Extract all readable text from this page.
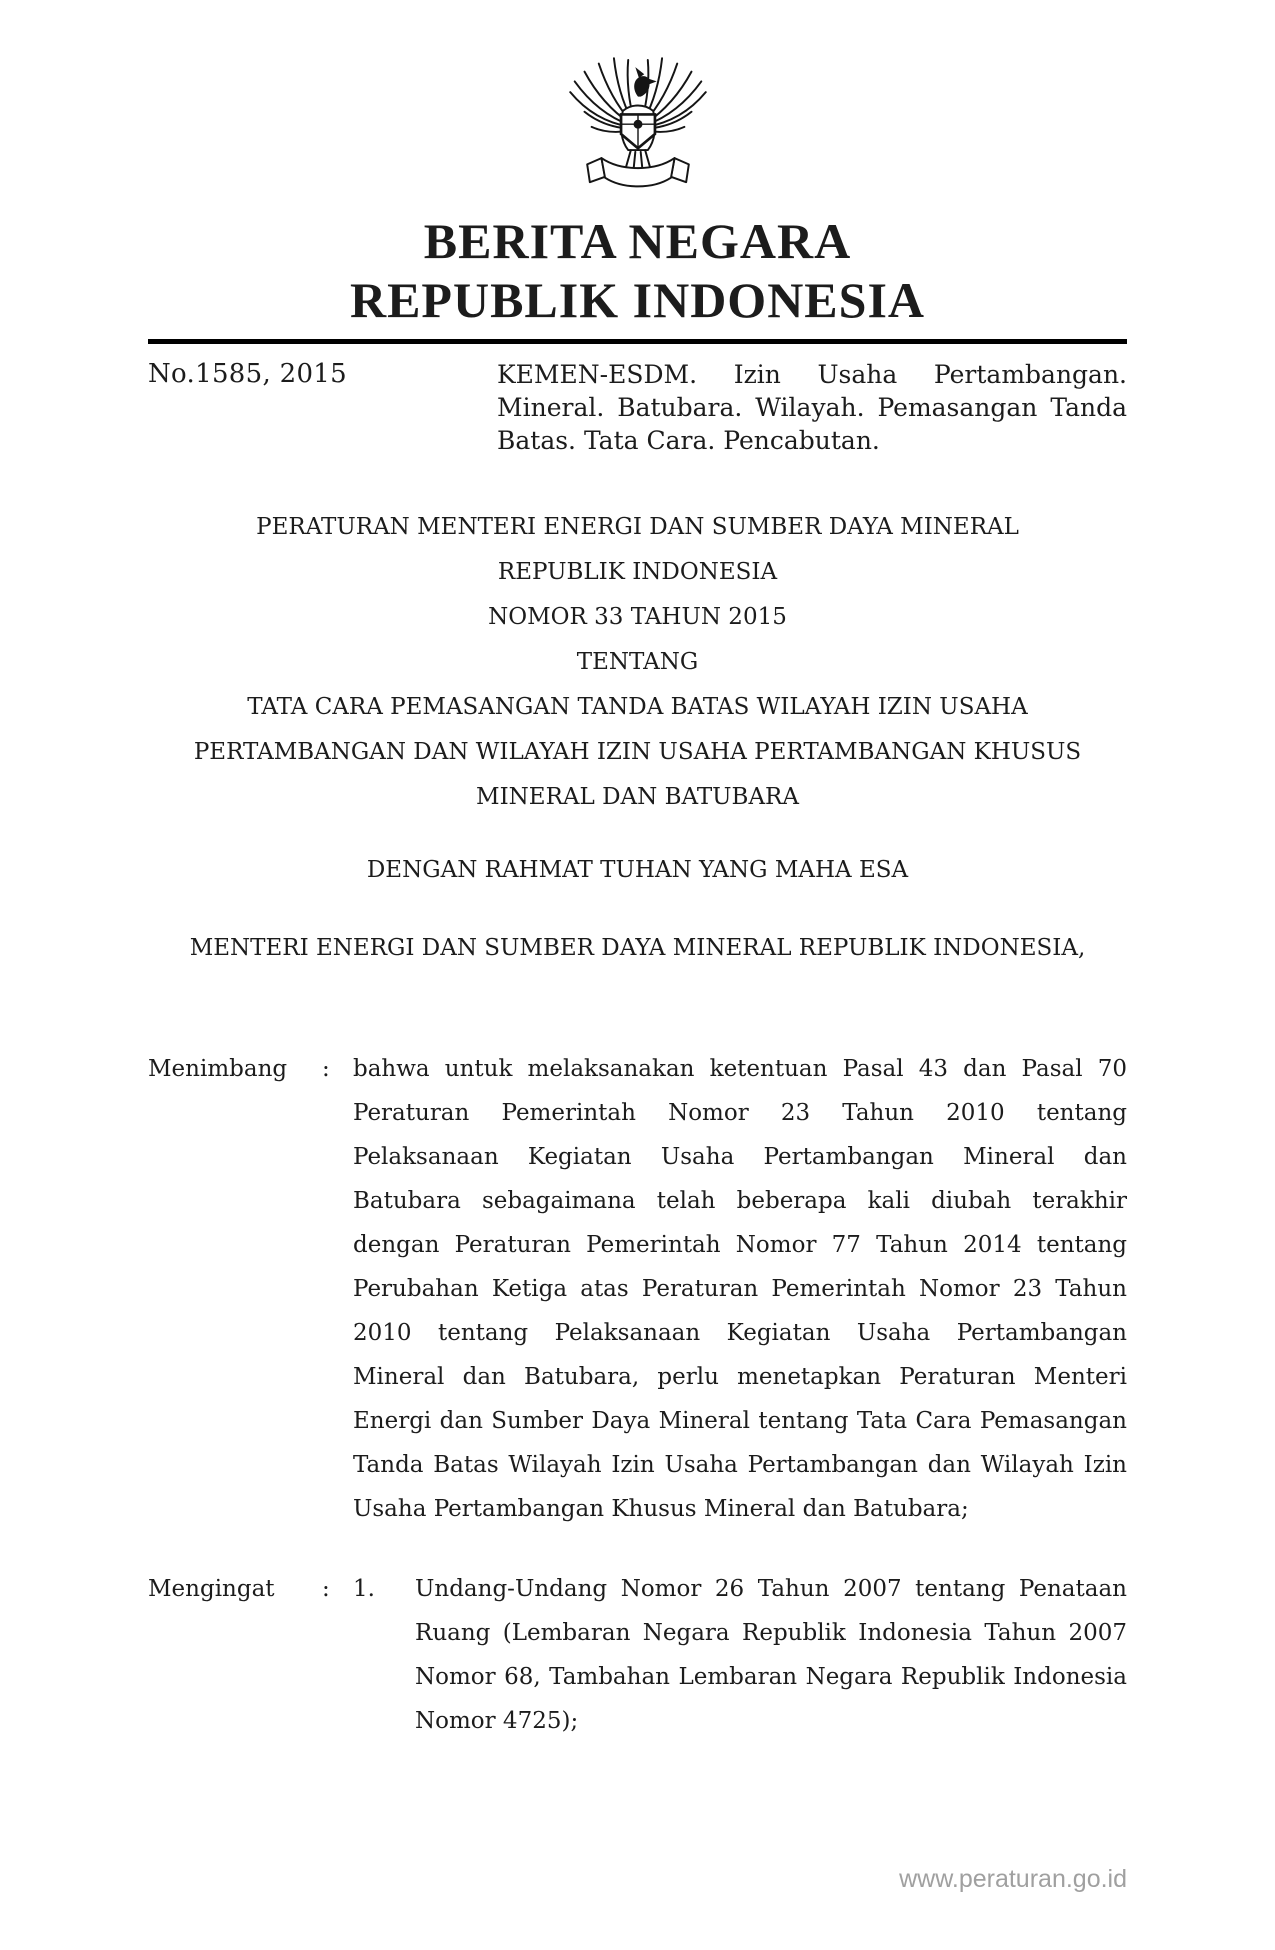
BERITA NEGARA
REPUBLIK INDONESIA
No.1585, 2015	KEMEN-ESDM. Izin Usaha Pertambangan.
Mineral. Batubara. Wilayah. Pemasangan Tanda
Batas. Tata Cara. Pencabutan.
PERATURAN MENTERI ENERGI DAN SUMBER DAYA MINERAL
REPUBLIK INDONESIA
NOMOR 33 TAHUN 2015
TENTANG
TATA CARA PEMASANGAN TANDA BATAS WILAYAH IZIN USAHA
PERTAMBANGAN DAN WILAYAH IZIN USAHA PERTAMBANGAN KHUSUS
MINERAL DAN BATUBARA
DENGAN RAHMAT TUHAN YANG MAHA ESA
MENTERI ENERGI DAN SUMBER DAYA MINERAL REPUBLIK INDONESIA,
Menimbang	:	bahwa untuk melaksanakan ketentuan Pasal 43 dan Pasal 70 Peraturan Pemerintah Nomor 23 Tahun 2010 tentang Pelaksanaan Kegiatan Usaha Pertambangan Mineral dan Batubara sebagaimana telah beberapa kali diubah terakhir dengan Peraturan Pemerintah Nomor 77 Tahun 2014 tentang Perubahan Ketiga atas Peraturan Pemerintah Nomor 23 Tahun 2010 tentang Pelaksanaan Kegiatan Usaha Pertambangan Mineral dan Batubara, perlu menetapkan Peraturan Menteri Energi dan Sumber Daya Mineral tentang Tata Cara Pemasangan Tanda Batas Wilayah Izin Usaha Pertambangan dan Wilayah Izin Usaha Pertambangan Khusus Mineral dan Batubara;
Mengingat	:	1.	Undang-Undang Nomor 26 Tahun 2007 tentang Penataan Ruang (Lembaran Negara Republik Indonesia Tahun 2007 Nomor 68, Tambahan Lembaran Negara Republik Indonesia Nomor 4725);
www.peraturan.go.id
